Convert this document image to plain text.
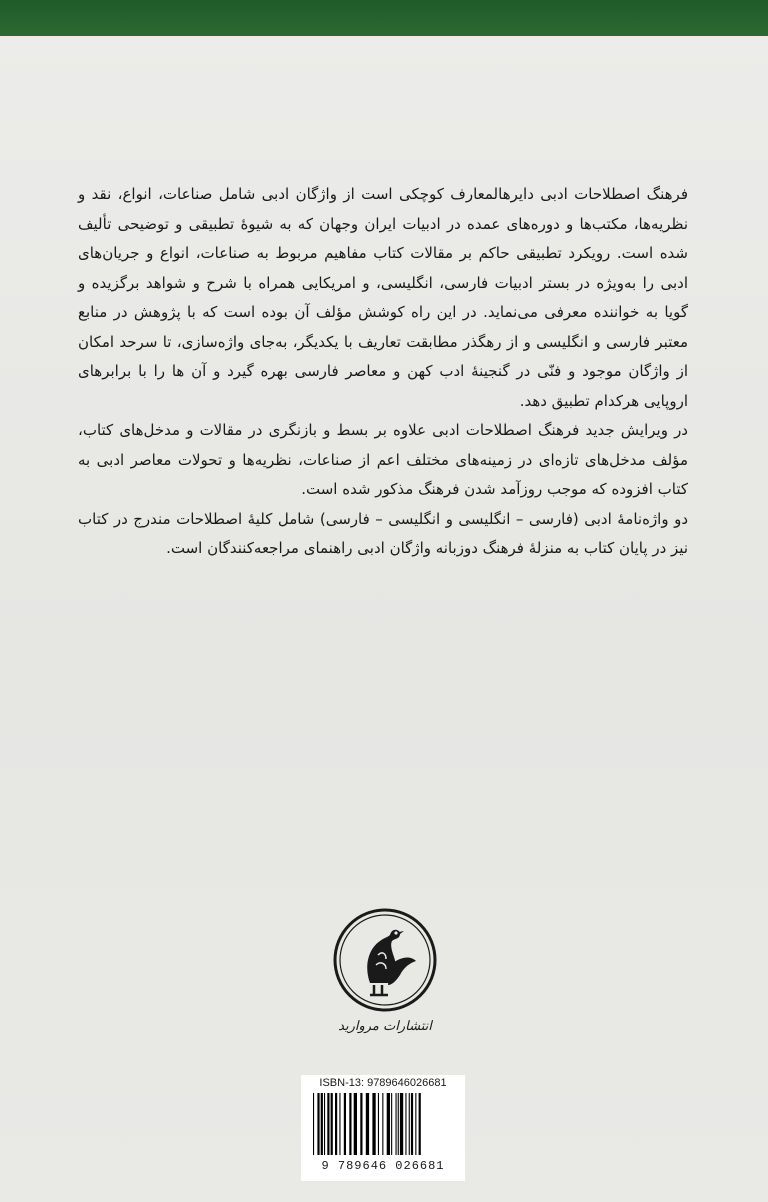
فرهنگ اصطلاحات ادبی دایرهالمعارف کوچکی است از واژگان ادبی شامل صناعات، انواع، نقد و نظریه‌ها، مکتب‌ها و دوره‌های عمده در ادبیات ایران وجهان که به شیوهٔ تطبیقی و توضیحی تألیف شده است. رویکرد تطبیقی حاکم بر مقالات کتاب مفاهیم مربوط به صناعات، انواع و جریان‌های ادبی را به‌ویژه در بستر ادبیات فارسی، انگلیسی، و امریکایی همراه با شرح و شواهد برگزیده و گویا به خواننده معرفی می‌نماید. در این راه کوشش مؤلف آن بوده است که با پژوهش در منابع معتبر فارسی و انگلیسی و از رهگذر مطابقت تعاریف با یکدیگر، به‌جای واژه‌سازی، تا سرحد امکان از واژگان موجود و فنّی در گنجینهٔ ادب کهن و معاصر فارسی بهره گیرد و آن ها را با برابرهای اروپایی هرکدام تطبیق دهد.

در ویرایش جدید فرهنگ اصطلاحات ادبی علاوه بر بسط و بازنگری در مقالات و مدخل‌های کتاب، مؤلف مدخل‌های تازه‌ای در زمینه‌های مختلف اعم از صناعات، نظریه‌ها و تحولات معاصر ادبی به کتاب افزوده که موجب روزآمد شدن فرهنگ مذکور شده است.

دو واژه‌نامهٔ ادبی (فارسی – انگلیسی و انگلیسی – فارسی) شامل کلیهٔ اصطلاحات مندرج در کتاب نیز در پایان کتاب به منزلهٔ فرهنگ دوزبانه واژگان ادبی راهنمای مراجعه‌کنندگان است.

انتشارات مروارید
ISBN-13: 9789646026681
9 789646 026681
